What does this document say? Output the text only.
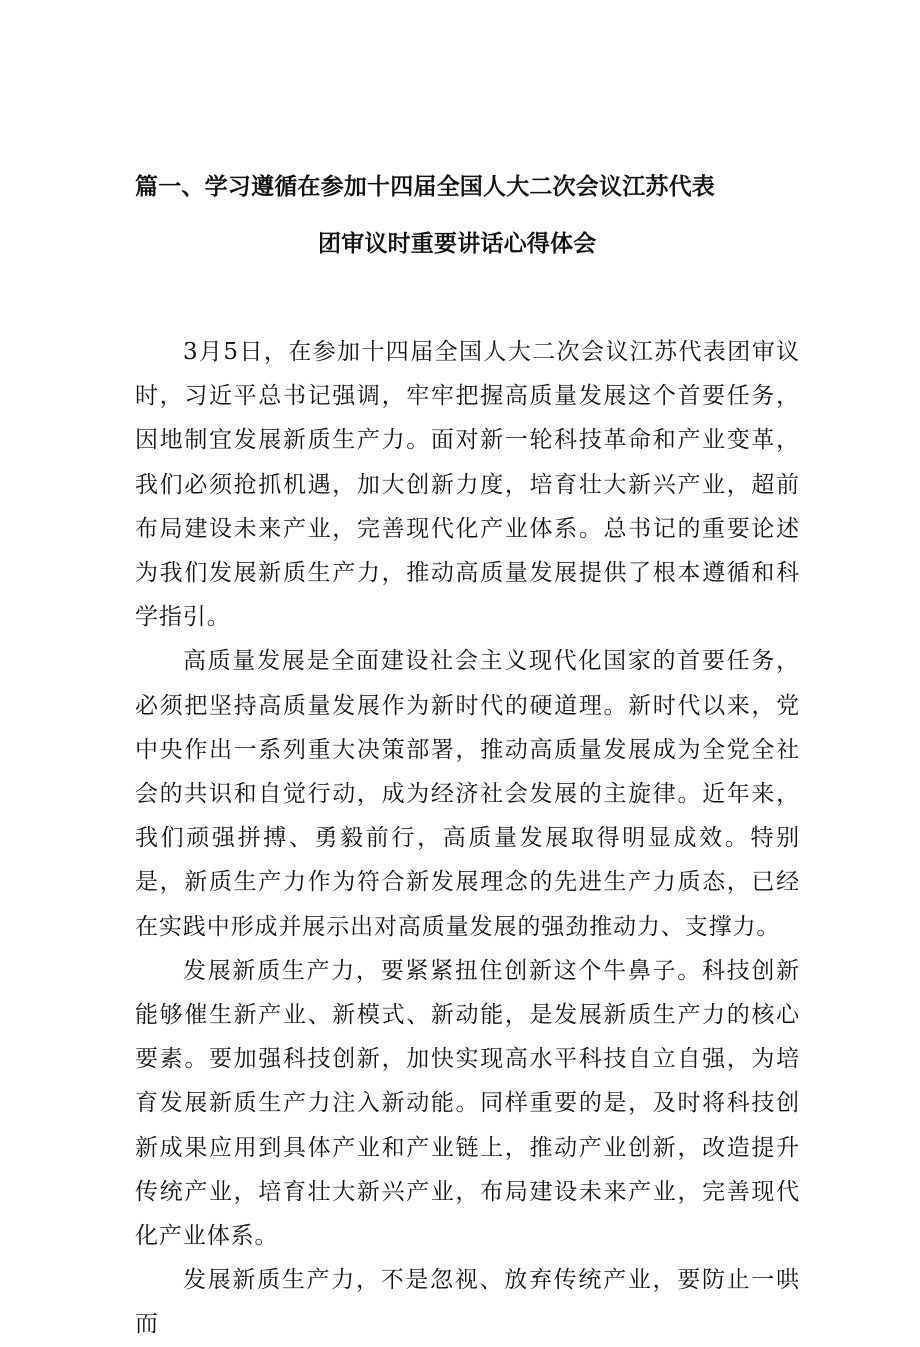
篇一、学习遵循在参加十四届全国人大二次会议江苏代表
团审议时重要讲话心得体会

3月5日，在参加十四届全国人大二次会议江苏代表团审议时，习近平总书记强调，牢牢把握高质量发展这个首要任务，因地制宜发展新质生产力。面对新一轮科技革命和产业变革，我们必须抢抓机遇，加大创新力度，培育壮大新兴产业，超前布局建设未来产业，完善现代化产业体系。总书记的重要论述为我们发展新质生产力，推动高质量发展提供了根本遵循和科学指引。

高质量发展是全面建设社会主义现代化国家的首要任务，必须把坚持高质量发展作为新时代的硬道理。新时代以来，党中央作出一系列重大决策部署，推动高质量发展成为全党全社会的共识和自觉行动，成为经济社会发展的主旋律。近年来，我们顽强拼搏、勇毅前行，高质量发展取得明显成效。特别是，新质生产力作为符合新发展理念的先进生产力质态，已经在实践中形成并展示出对高质量发展的强劲推动力、支撑力。

发展新质生产力，要紧紧扭住创新这个牛鼻子。科技创新能够催生新产业、新模式、新动能，是发展新质生产力的核心要素。要加强科技创新，加快实现高水平科技自立自强，为培育发展新质生产力注入新动能。同样重要的是，及时将科技创新成果应用到具体产业和产业链上，推动产业创新，改造提升传统产业，培育壮大新兴产业，布局建设未来产业，完善现代化产业体系。

发展新质生产力，不是忽视、放弃传统产业，要防止一哄而
